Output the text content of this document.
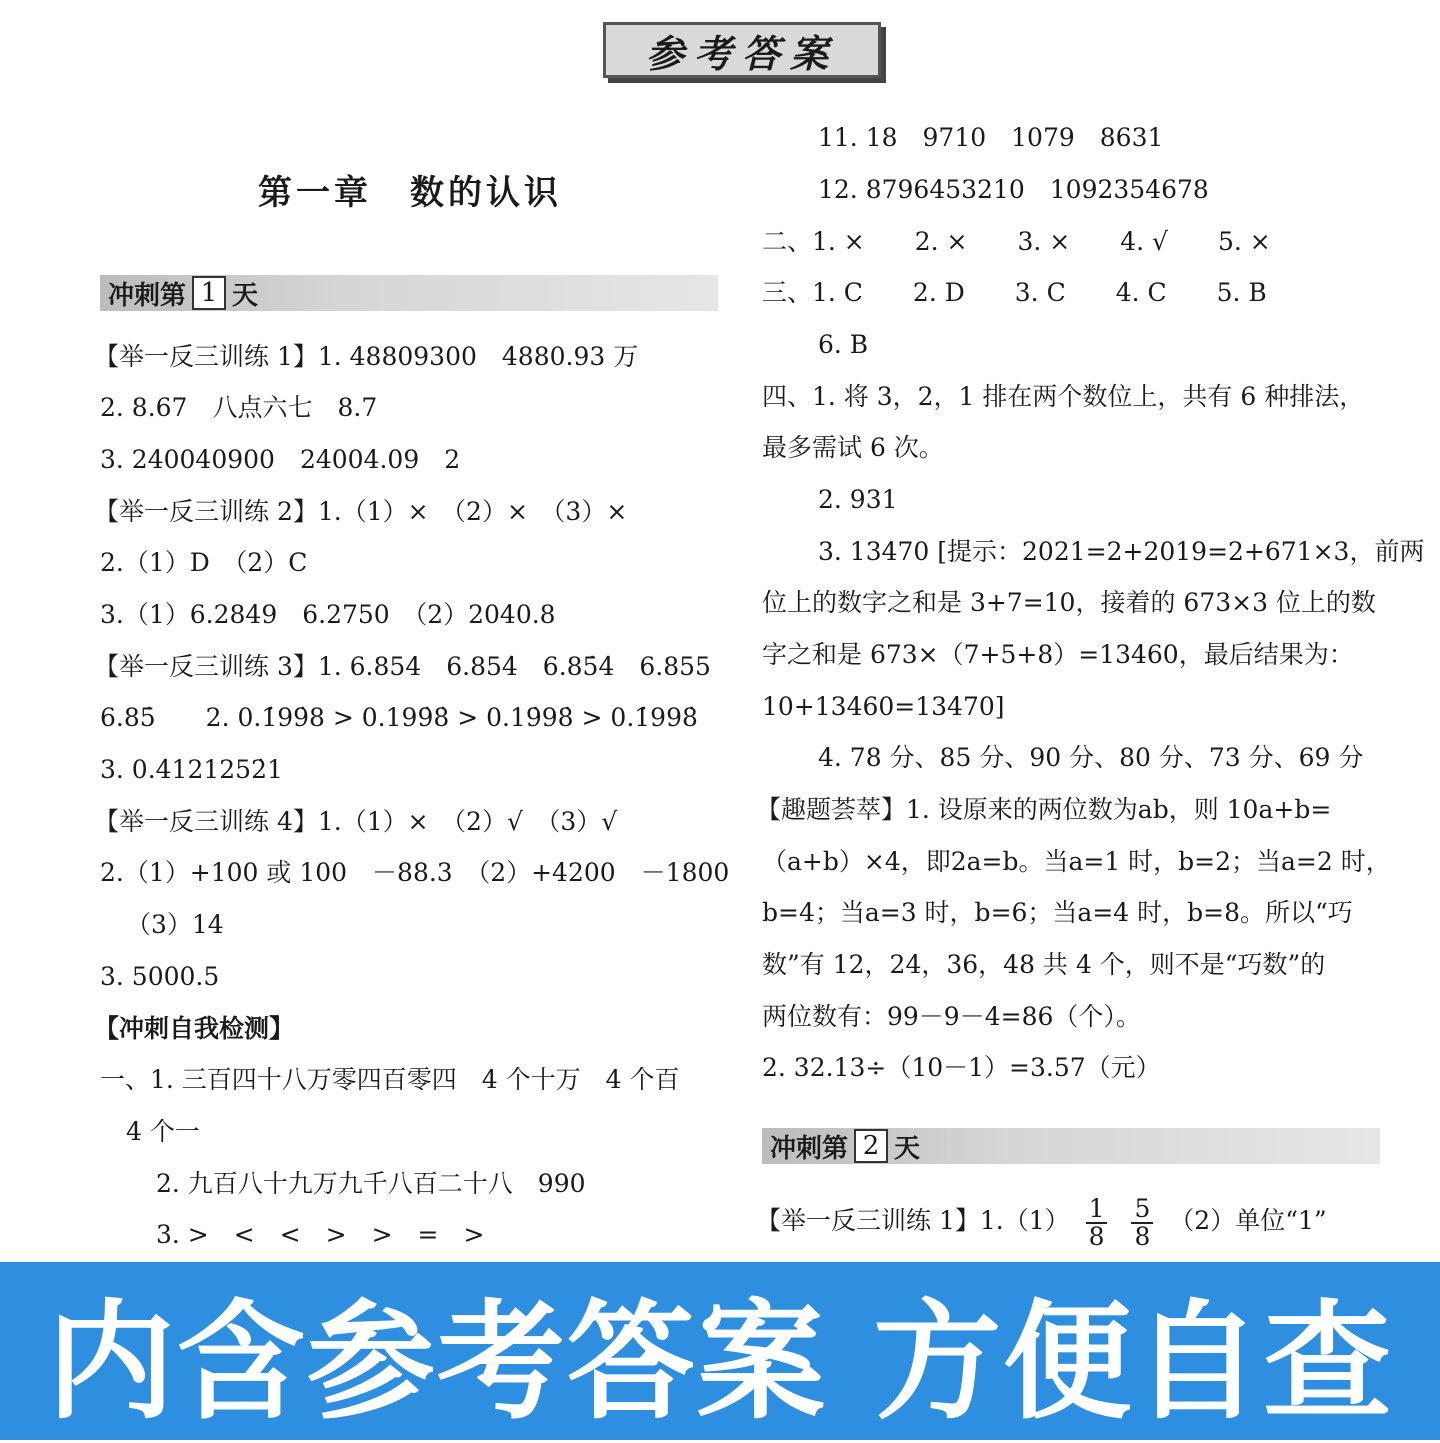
参考答案
第一章　数的认识
冲刺第 1 天
【举一反三训练 1】1. 48809300　4880.93 万
2. 8.67　八点六七　8.7
3. 240040900　24004.09　2
【举一反三训练 2】1.（1）×　（2）×　（3）×
2.（1）D　（2）C
3.（1）6.2849　6.2750　（2）2040.8
【举一反三训练 3】1. 6.854　6.854̇　6.85̇4̇　6.855
6.85̇　　2. 0.1̇99̇8 > 0.199̇8̇ > 0.19̇98̇ > 0.1̇998̇
3. 0.4̇121252̇1
【举一反三训练 4】1.（1）×　（2）√　（3）√
2.（1）+100 或 100　－88.3　（2）+4200　－1800
（3）14
3. 5000.5
【冲刺自我检测】
一、1. 三百四十八万零四百零四　4 个十万　4 个百
4 个一
2. 九百八十九万九千八百二十八　990
3. >　<　<　>　>　=　>
11. 18　9710　1079　8631
12. 8796453210　1092354678
二、1. ×　　2. ×　　3. ×　　4. √　　5. ×
三、1. C　　2. D　　3. C　　4. C　　5. B
6. B
四、1. 将 3，2，1 排在两个数位上，共有 6 种排法，
最多需试 6 次。
2. 931
3. 13470 [提示：2021=2+2019=2+671×3，前两
位上的数字之和是 3+7=10，接着的 673×3 位上的数
字之和是 673×（7+5+8）=13460，最后结果为：
10+13460=13470]
4. 78 分、85 分、90 分、80 分、73 分、69 分
【趣题荟萃】1. 设原来的两位数为ab，则 10a+b=
（a+b）×4，即2a=b。当a=1 时，b=2；当a=2 时，
b=4；当a=3 时，b=6；当a=4 时，b=8。所以“巧
数”有 12，24，36，48 共 4 个，则不是“巧数”的
两位数有：99－9－4=86（个）。
2. 32.13÷（10－1）=3.57（元）
冲刺第 2 天
【举一反三训练 1】$1.(1) \frac{1}{8}$
$\frac{5}{8} (2)$单位“1”
内含参考答案 方便自查
